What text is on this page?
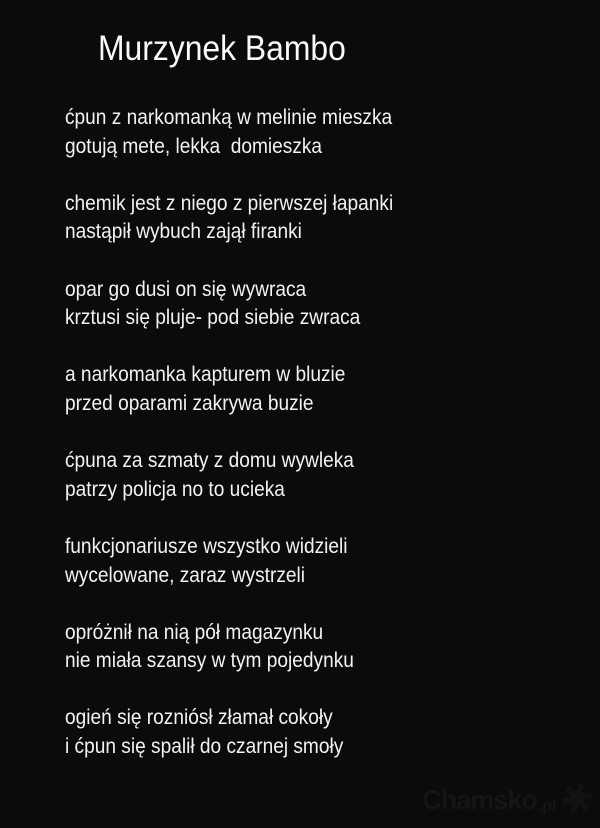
Murzynek Bambo

ćpun z narkomanką w melinie mieszka
gotują mete, lekka  domieszka

chemik jest z niego z pierwszej łapanki
nastąpił wybuch zajął firanki

opar go dusi on się wywraca
krztusi się pluje- pod siebie zwraca

a narkomanka kapturem w bluzie
przed oparami zakrywa buzie

ćpuna za szmaty z domu wywleka
patrzy policja no to ucieka

funkcjonariusze wszystko widzieli
wycelowane, zaraz wystrzeli

opróżnił na nią pół magazynku
nie miała szansy w tym pojedynku

ogień się rozniósł złamał cokoły
i ćpun się spalił do czarnej smoły

Chamsko .pl
✱
